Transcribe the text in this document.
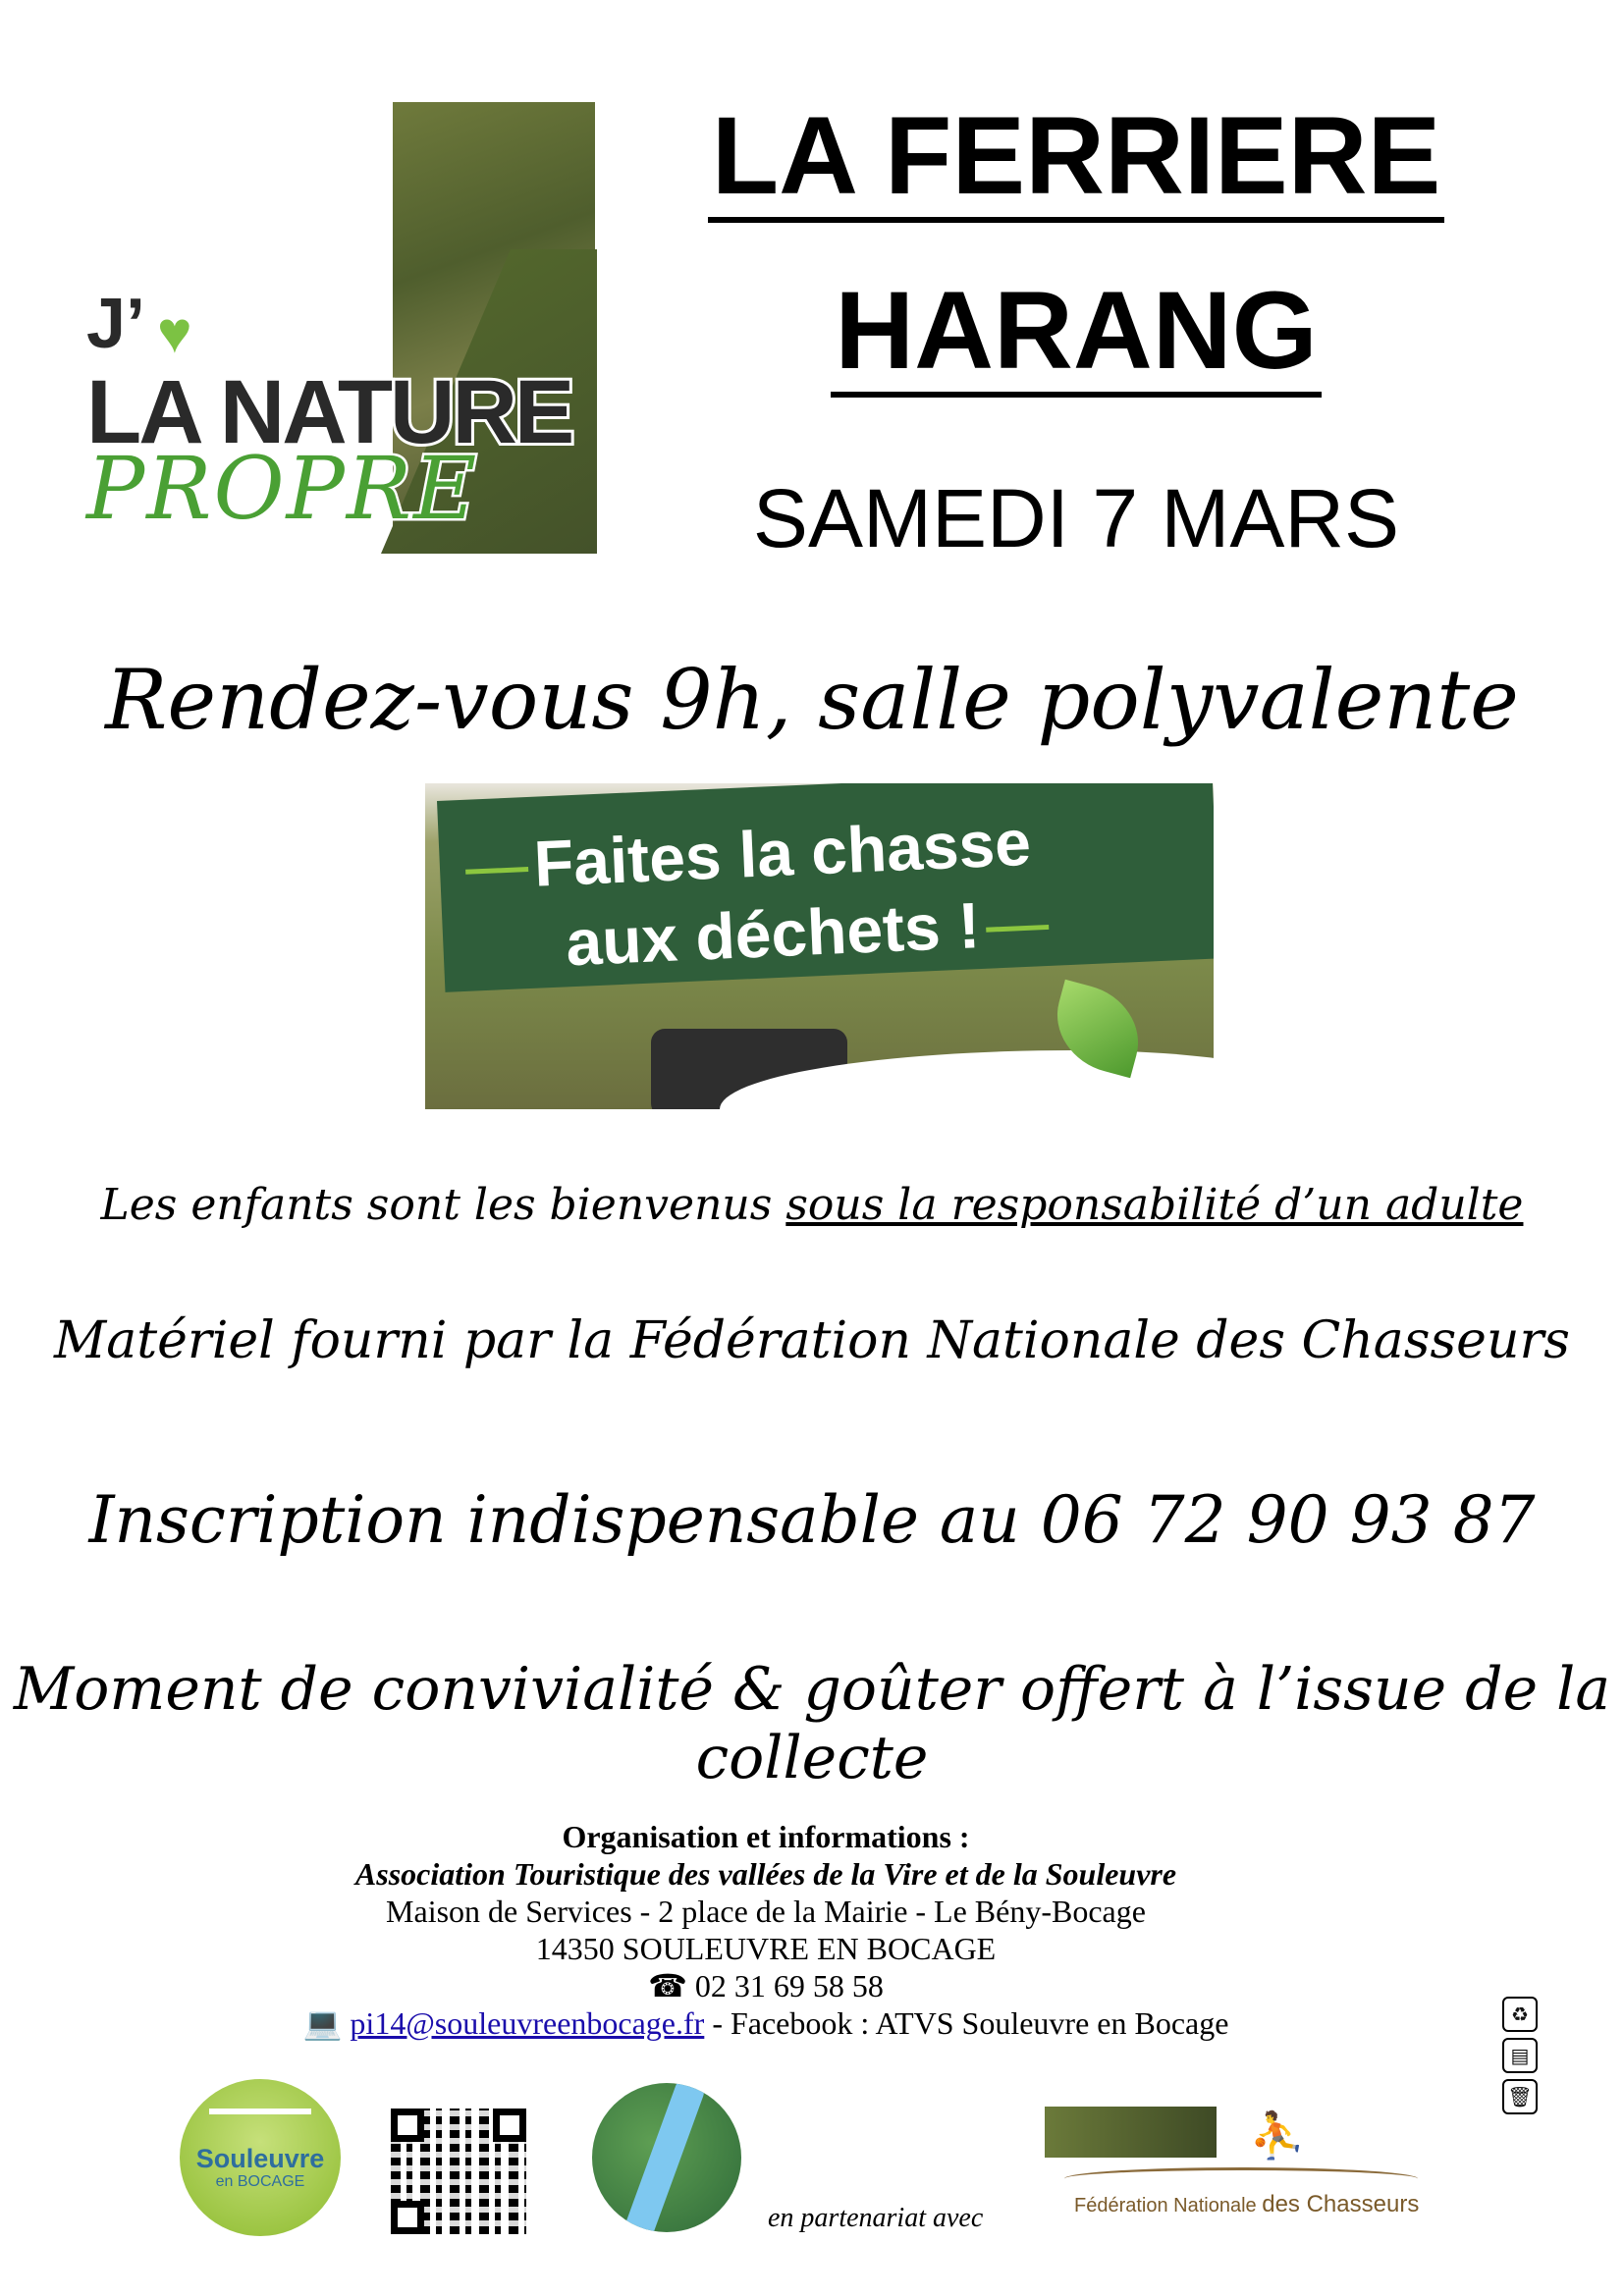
J’ ♥
LA NATURE
PROPRE
LA FERRIERE
HARANG
SAMEDI 7 MARS
Rendez-vous 9h, salle polyvalente
Faites la chasse
aux déchets !
Les enfants sont les bienvenus sous la responsabilité d’un adulte
Matériel fourni par la Fédération Nationale des Chasseurs
Inscription indispensable au 06 72 90 93 87
Moment de convivialité & goûter offert à l’issue de la collecte
Organisation et informations :
Association Touristique des vallées de la Vire et de la Souleuvre
Maison de Services - 2 place de la Mairie - Le Bény-Bocage
14350 SOULEUVRE EN BOCAGE
☎ 02 31 69 58 58
💻 pi14@souleuvreenbocage.fr - Facebook : ATVS Souleuvre en Bocage	♻
▤
🗑
Souleuvre
en BOCAGE
en partenariat avec
⛹
Fédération Nationale des Chasseurs
